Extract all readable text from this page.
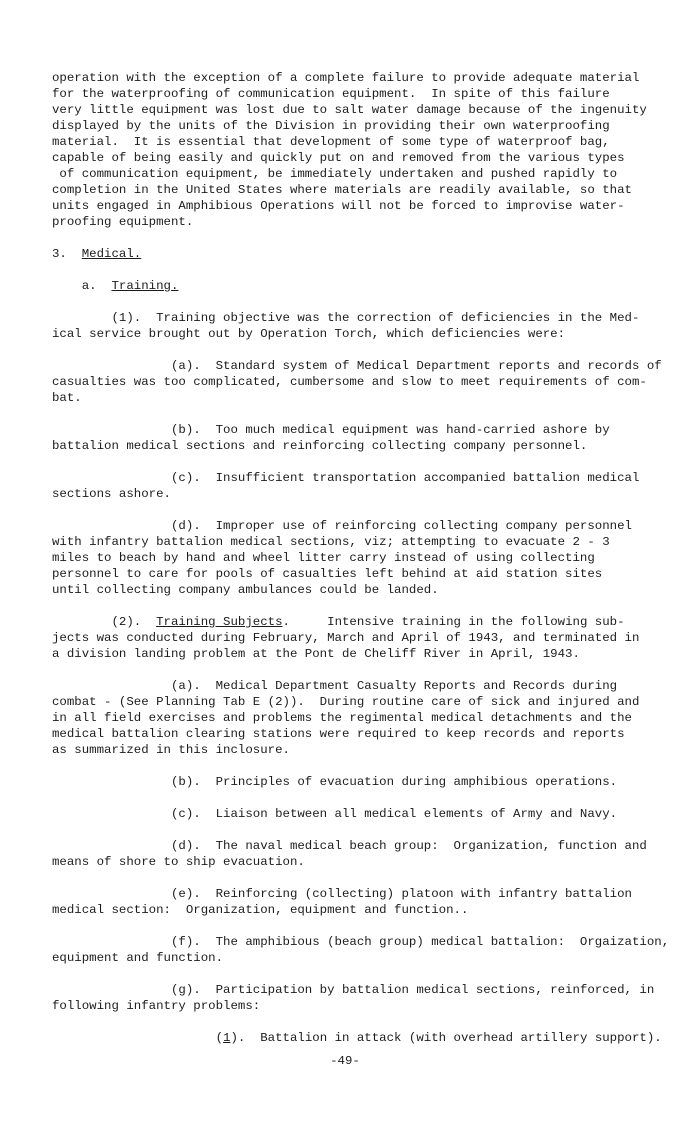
operation with the exception of a complete failure to provide adequate material
for the waterproofing of communication equipment.  In spite of this failure
very little equipment was lost due to salt water damage because of the ingenuity
displayed by the units of the Division in providing their own waterproofing
material.  It is essential that development of some type of waterproof bag,
capable of being easily and quickly put on and removed from the various types
of communication equipment, be immediately undertaken and pushed rapidly to
completion in the United States where materials are readily available, so that
units engaged in Amphibious Operations will not be forced to improvise water-
proofing equipment.
3. Medical.
a. Training.
(1).  Training objective was the correction of deficiencies in the Med-
ical service brought out by Operation Torch, which deficiencies were:
(a).  Standard system of Medical Department reports and records of
casualties was too complicated, cumbersome and slow to meet requirements of com-
bat.
(b).  Too much medical equipment was hand-carried ashore by
battalion medical sections and reinforcing collecting company personnel.
(c).  Insufficient transportation accompanied battalion medical
sections ashore.
(d).  Improper use of reinforcing collecting company personnel
with infantry battalion medical sections, viz; attempting to evacuate 2 - 3
miles to beach by hand and wheel litter carry instead of using collecting
personnel to care for pools of casualties left behind at aid station sites
until collecting company ambulances could be landed.
(2).  Training Subjects.     Intensive training in the following sub-
jects was conducted during February, March and April of 1943, and terminated in
a division landing problem at the Pont de Cheliff River in April, 1943.
(a).  Medical Department Casualty Reports and Records during
combat - (See Planning Tab E (2)).  During routine care of sick and injured and
in all field exercises and problems the regimental medical detachments and the
medical battalion clearing stations were required to keep records and reports
as summarized in this inclosure.
(b).  Principles of evacuation during amphibious operations.
(c).  Liaison between all medical elements of Army and Navy.
(d).  The naval medical beach group:  Organization, function and
means of shore to ship evacuation.
(e).  Reinforcing (collecting) platoon with infantry battalion
medical section:  Organization, equipment and function..
(f).  The amphibious (beach group) medical battalion:  Orgaization,
equipment and function.
(g).  Participation by battalion medical sections, reinforced, in
following infantry problems:
(1).  Battalion in attack (with overhead artillery support).
-49-
